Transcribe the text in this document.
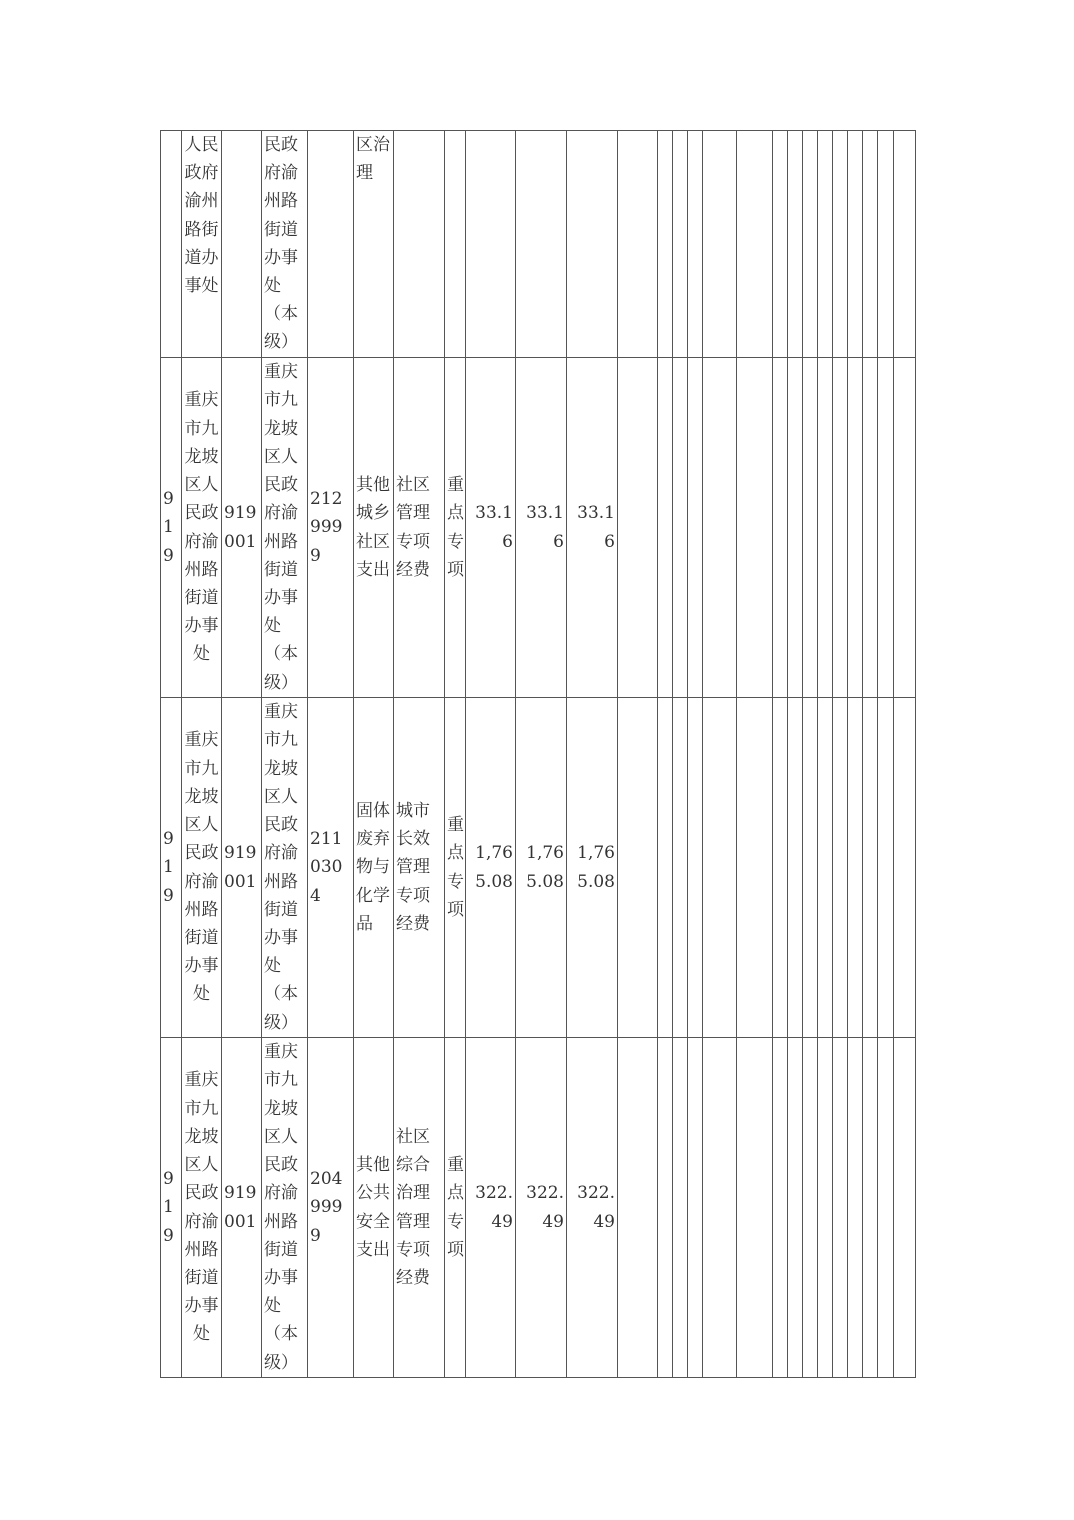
	人民政府渝州路街道办事处		民政府渝州路街道办事处（本级）		区治理																				
919	重庆市九龙坡区人民政府渝州路街道办事处	919001	重庆市九龙坡区人民政府渝州路街道办事处（本级）	2129999	其他城乡社区支出	社区管理专项经费	重点专项	33.16	33.16	33.16															
919	重庆市九龙坡区人民政府渝州路街道办事处	919001	重庆市九龙坡区人民政府渝州路街道办事处（本级）	2110304	固体废弃物与化学品	城市长效管理专项经费	重点专项	1,765.08	1,765.08	1,765.08															
919	重庆市九龙坡区人民政府渝州路街道办事处	919001	重庆市九龙坡区人民政府渝州路街道办事处（本级）	2049999	其他公共安全支出	社区综合治理管理专项经费	重点专项	322.49	322.49	322.49															
